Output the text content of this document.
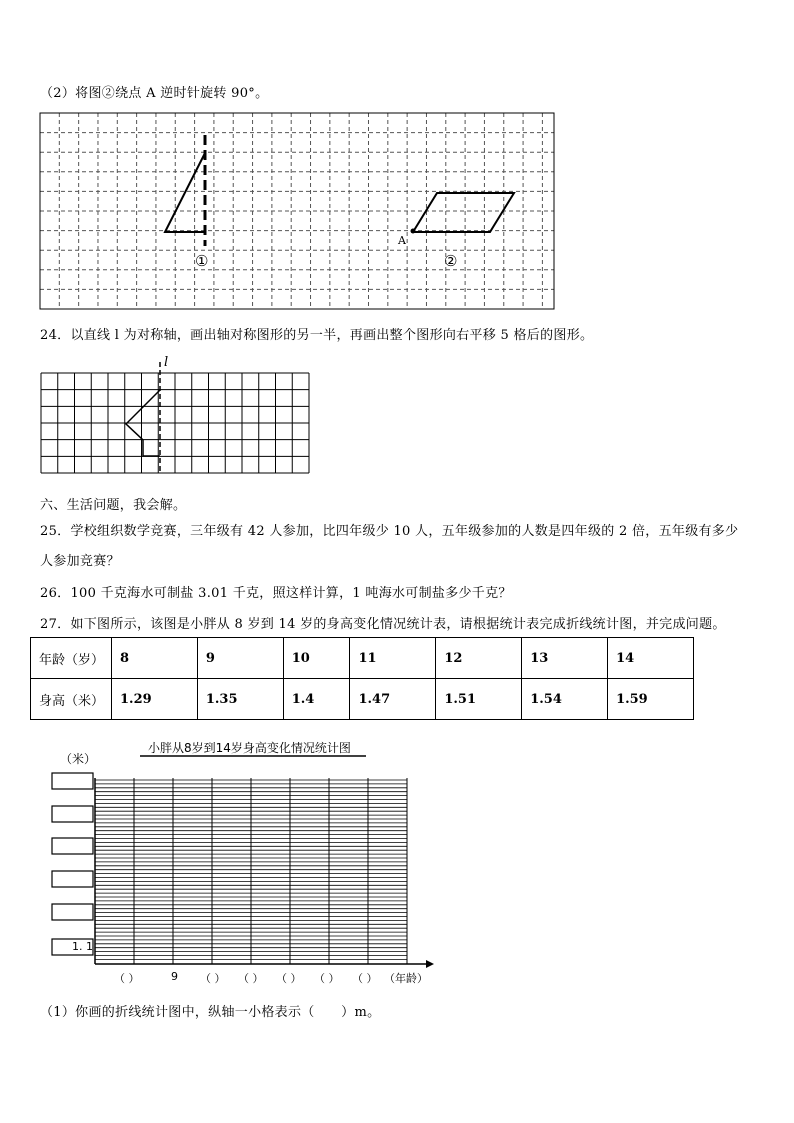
（2）将图②绕点 A 逆时针旋转 90°。
①	②
A
24．以直线 l 为对称轴，画出轴对称图形的另一半，再画出整个图形向右平移 5 格后的图形。
l
六、生活问题，我会解。
25．学校组织数学竞赛，三年级有 42 人参加，比四年级少 10 人，五年级参加的人数是四年级的 2 倍，五年级有多少
人参加竞赛？
26．100 千克海水可制盐 3.01 千克，照这样计算，1 吨海水可制盐多少千克？
27．如下图所示，该图是小胖从 8 岁到 14 岁的身高变化情况统计表，请根据统计表完成折线统计图，并完成问题。
年龄（岁）	8	9	10	11	12	13	14
身高（米）	1.29	1.35	1.4	1.47	1.51	1.54	1.59
小胖从8岁到14岁身高变化情况统计图
（米）
1. 1
（ ）	9 （ ） （ ） （ ） （ ） （ ） （年龄）
（1）你画的折线统计图中，纵轴一小格表示（　　）m。
